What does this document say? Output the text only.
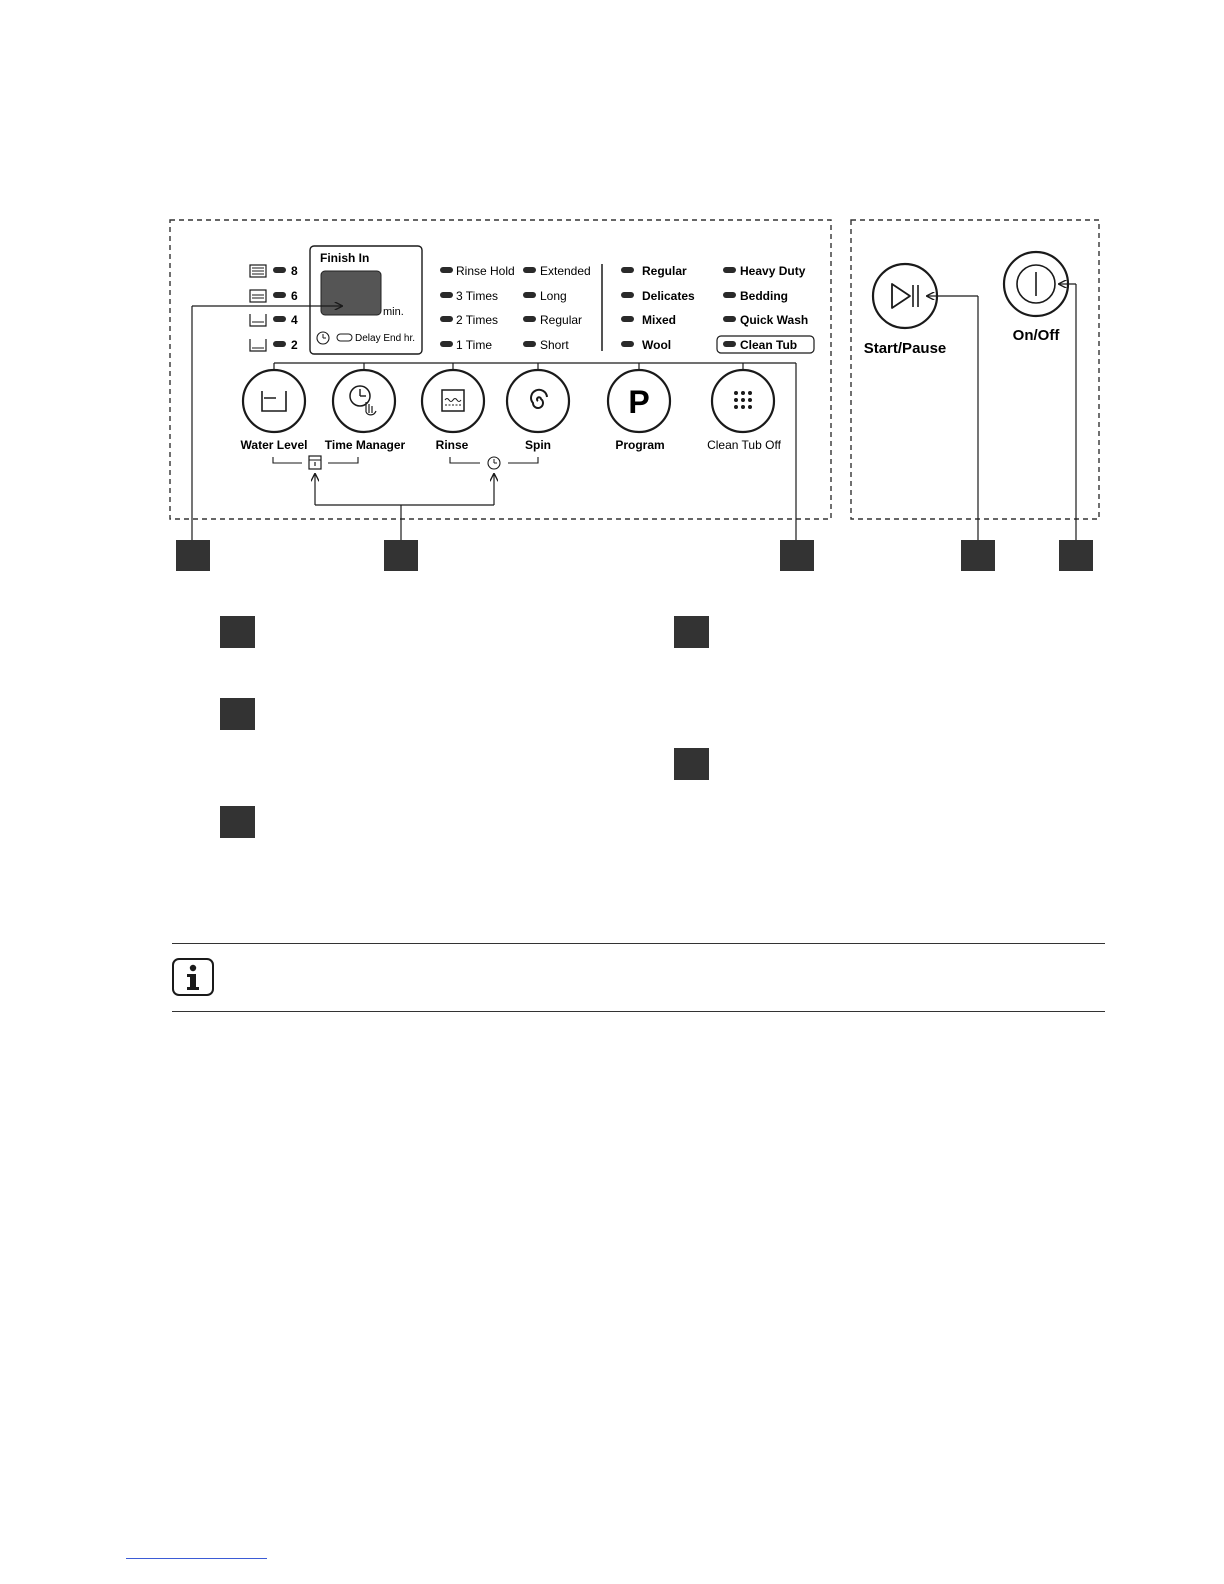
8
6
4
2
Finish In
min.
Delay End hr.
Rinse Hold
3 Times
2 Times
1 Time
Extended
Long
Regular
Short
Regular
Delicates
Mixed
Wool
Heavy Duty
Bedding
Quick Wash
Clean Tub
P
Water Level Time Manager	Rinse	Spin	Program	Clean Tub Off
Start/Pause
On/Off
